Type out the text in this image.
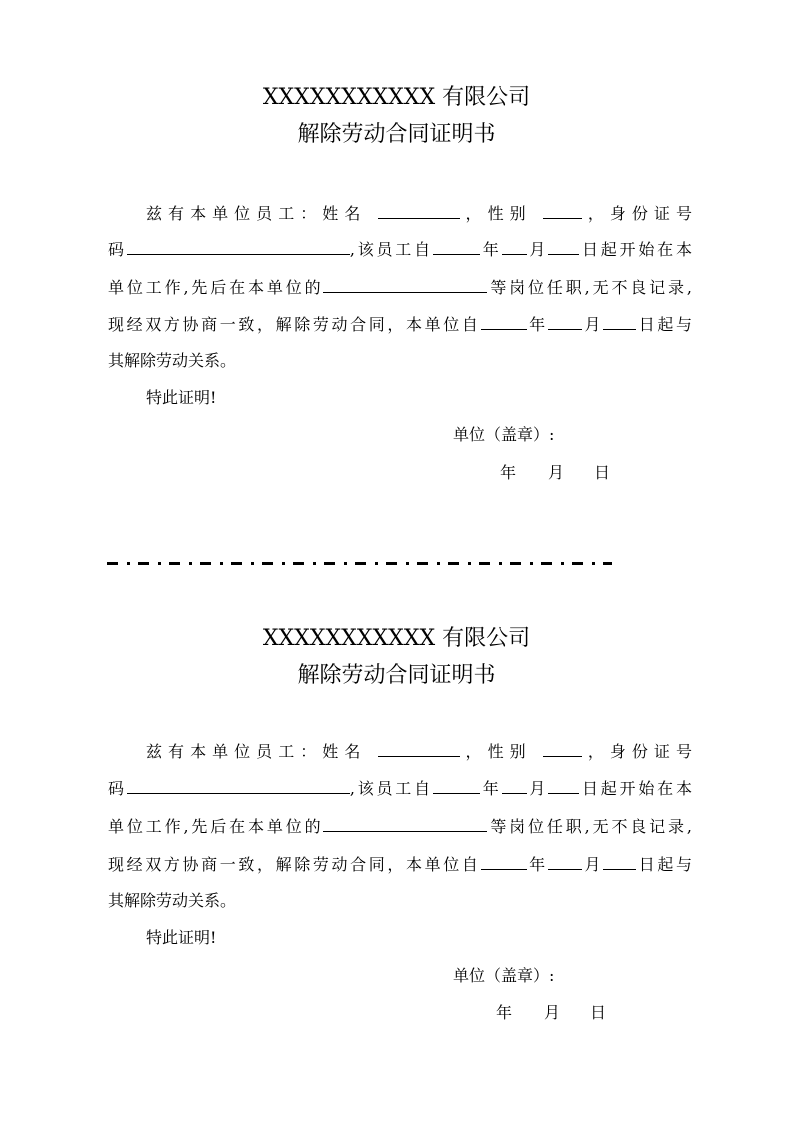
XXXXXXXXXXX 有限公司
解除劳动合同证明书
兹有本单位员工：姓名	，性别	，身份证号
码	,该员工自	年 月 日起开始在本
单位工作,先后在本单位的	等岗位任职,无不良记录,
现经双方协商一致，解除劳动合同，本单位自	年 月 日起与
其解除劳动关系。
特此证明!
单位（盖章）:
年 月 日
XXXXXXXXXXX 有限公司
解除劳动合同证明书
兹有本单位员工：姓名	，性别	，身份证号
码	,该员工自	年 月 日起开始在本
单位工作,先后在本单位的	等岗位任职,无不良记录,
现经双方协商一致，解除劳动合同，本单位自	年 月 日起与
其解除劳动关系。
特此证明!
单位（盖章）:
年 月 日
